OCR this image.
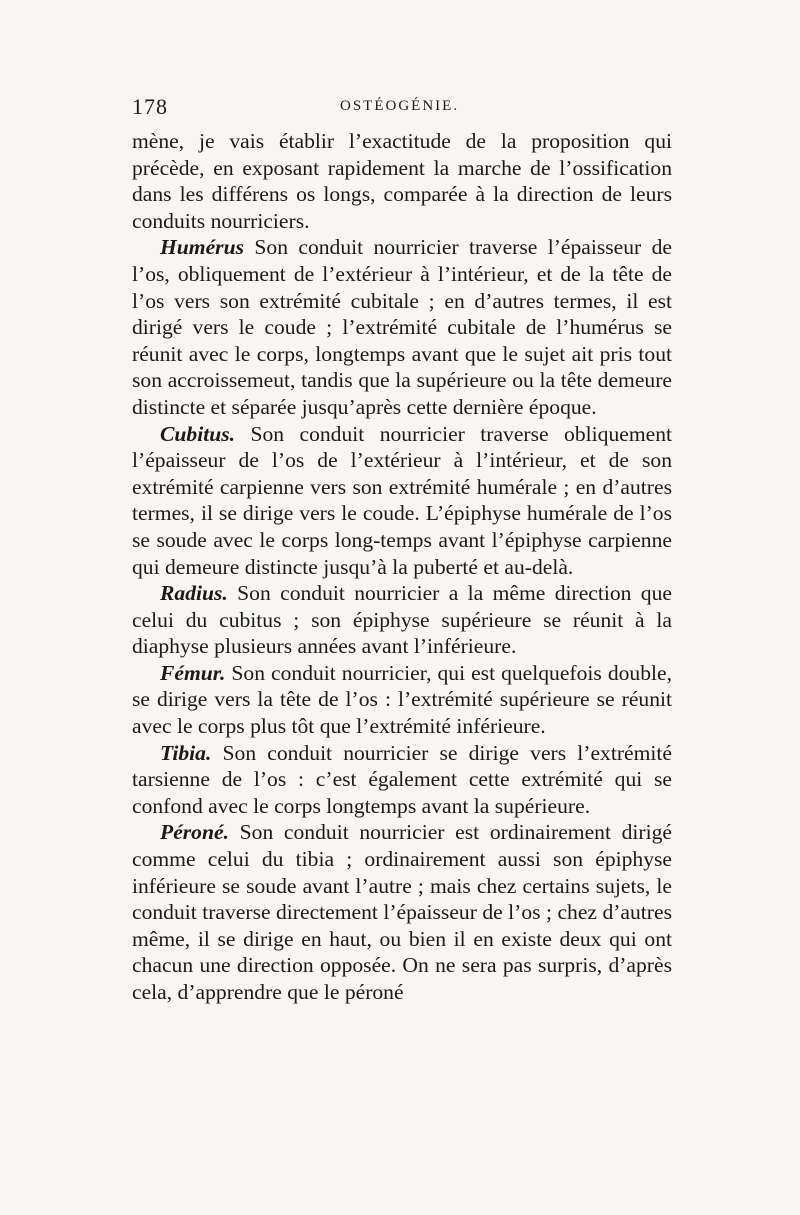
178	OSTÉOGÉNIE.

mène, je vais établir l’exactitude de la proposition qui précède, en exposant rapidement la marche de l’ossification dans les différens os longs, comparée à la direction de leurs conduits nourriciers.

Humérus Son conduit nourricier traverse l’épaisseur de l’os, obliquement de l’extérieur à l’intérieur, et de la tête de l’os vers son extrémité cubitale ; en d’autres termes, il est dirigé vers le coude ; l’extrémité cubitale de l’humérus se réunit avec le corps, longtemps avant que le sujet ait pris tout son accroissemeut, tandis que la supérieure ou la tête demeure distincte et séparée jusqu’après cette dernière époque.

Cubitus. Son conduit nourricier traverse obliquement l’épaisseur de l’os de l’extérieur à l’intérieur, et de son extrémité carpienne vers son extrémité humérale ; en d’autres termes, il se dirige vers le coude. L’épiphyse humérale de l’os se soude avec le corps long-temps avant l’épiphyse carpienne qui demeure distincte jusqu’à la puberté et au-delà.

Radius. Son conduit nourricier a la même direction que celui du cubitus ; son épiphyse supérieure se réunit à la diaphyse plusieurs années avant l’inférieure.

Fémur. Son conduit nourricier, qui est quelquefois double, se dirige vers la tête de l’os : l’extrémité supérieure se réunit avec le corps plus tôt que l’extrémité inférieure.

Tibia. Son conduit nourricier se dirige vers l’extrémité tarsienne de l’os : c’est également cette extrémité qui se confond avec le corps longtemps avant la supérieure.

Péroné. Son conduit nourricier est ordinairement dirigé comme celui du tibia ; ordinairement aussi son épiphyse inférieure se soude avant l’autre ; mais chez certains sujets, le conduit traverse directement l’épaisseur de l’os ; chez d’autres même, il se dirige en haut, ou bien il en existe deux qui ont chacun une direction opposée. On ne sera pas surpris, d’après cela, d’apprendre que le péroné
